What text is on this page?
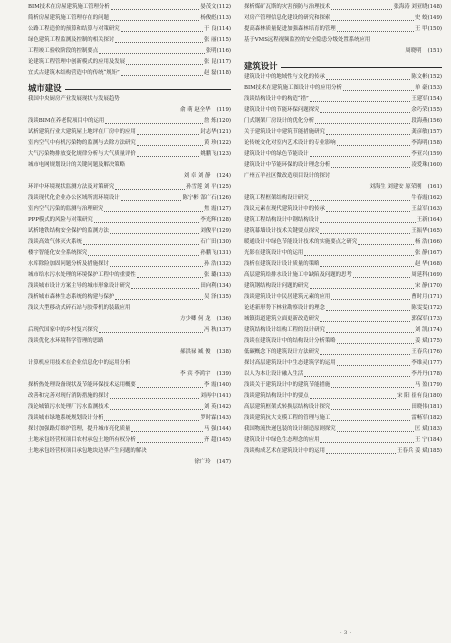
BIM技术在房屋建筑施工管理分析	晏茂文 (112)
简析房屋建筑施工管理存在的问题	杨俊彪 (113)
公路工程造价的预算和结算与对策研究	于 良 (114)
绿色建筑工程监测及控制的相关探讨	张 丽 (115)
工程竣工验收阶段的控制要点	张明 (116)
论建筑工程管理中创新模式的应用及发展	张 昆 (117)
宜式古建筑木结构营造中的传统“规矩”	赵 磊 (118)
城市建设
我国中央厨房产业发展现状与发展趋势
俞 萌 赵全华 (119)
浅谈BIM在养老院项目中的运用	詹 炼 (120)
试析建筑行业大建筑屋上地坪在厂房中的应用	封志华 (121)
室内空气中有机污染物的监测与去除方法研究	黄 珍 (122)
大气污染物排放变化规律分析与大气质量评价	姚鹏飞 (123)
城市电网规划设计的关键问题及解决策略
刘 卓 刘 静 (124)
环评中环境现状监测方法及对策研究	孙雪莲 刘 平 (125)
浅谈现代化企业办公区域所需环境设计	陈宁彬 郜广石 (126)
室内空气污染的监测与治理研究	焦 霞 (127)
PPP模式的风险与对策研究	李光辉 (128)
试析地铁结构安全保护的监测方法	刘俊平 (129)
浅谈高效气体灭火系统	石广田 (130)
楼宇智能化安全系统探究	孙鹏飞 (131)
水库除险加固问题分析及措施探讨	孙 浩 (132)
城市给水污水处理的环境保护工程中的重要性	张 璐 (133)
浅谈城市设计方案主导的城市形象设计研究	田向利 (134)
浅析城市森林生态系统的构建与保护	吴 泽 (135)
浅议大型移动式碎石站与胶带机的装载应用
方少卿 何 龙 (136)
后现代国家中的乡村复兴探究	冯 秋 (137)
浅谈优化水环境科学管理的思路
郝洪禄 臧 俊 (138)
计算机应用技术在企业信息化中的运用分析
李 宾 李鸿宇 (139)
探析热处理设备现状及节能环保技术运用概要	李 霞 (140)
改善和完善对现行消防措施的探讨	刘再中 (141)
浅论城镇污水处理厂污水监测技术	刘 英 (142)
浅谈城市绿地系统规划设计分析	罗时霖 (143)
探讨加强路灯维护管理，提升城市亮化质量	马 强 (144)
土地承包经营权项目农村承包土地所有权分析	齐 超 (145)
土地承包经营权项目承包地块边界产生问题的解决
徐广玲 (147)
探析煤矿瓦斯的灾害预防与治理技术	张海涛 刘亚晓 (148)
对房产管理信息化建设的研究和探索	史 蛟 (149)
提高森林质量促进加强森林培育的管理	王 甲 (150)
基于VMS远程视频监控的安全隐患分级处置系统应用
周晓明 (151)
建筑设计
建筑设计中的地域性与文化的传承	陈文彬 (152)
BIM技术在建筑施工图设计中的应用分析	单 豪 (153)
浅谈结构设计中的构造“措”	王建军 (154)
建筑设计中的节能环保问题探究	余巧荣 (155)
门式钢架厂房设计的优化分析	段海燕 (156)
关于建筑设计中建筑节能措施研究	龚彦敏 (157)
论传统文化对室内艺术设计的专业影响	李海明 (158)
建筑设计中的绿色节能设计	李亚兴 (159)
建筑设计中节能环保的设计理念分析	凌爱珠 (160)
广州五羊社区微改造项目设计的探讨
刘海生 刘建安 原荣刚 (161)
建筑工程框架结构设计研究	牛春霞 (162)
浅议元素在现代建筑设计中的传承	王益军 (163)
建筑工程结构设计中钢结构设计	王新 (164)
建筑幕墙设计技术关键要点探究	王振华 (165)
暖通设计中绿色节能设计技术的实施要点之研究	杨 浩 (166)
光影在建筑设计中的运用	张 静 (167)
浅析在建筑设计设计质量的策略	赵 华 (168)
高层建筑给排水设计施工中缺陷及问题的思考	周延科 (169)
建筑钢结构设计问题的研究	宋 静 (170)
浅谈建筑设计中民居建筑元素的应用	曹时月 (171)
论述新形势下林业勘察设计的理念	陈雯雯 (172)
城镇街道建筑立面更新改造研究	郭保军 (173)
建筑结构设计结构工程的设计研究	刘 凯 (174)
浅谈在建筑设计中的结构设计分析策略	姜 斌 (175)
低碳概念下的建筑设计方法研究	王春兵 (176)
探讨高层建筑设计中生态建筑学的运用	李维灵 (177)
以人为本让设计融入生活	李丹丹 (178)
浅谈关于建筑设计中的建筑节能措施	马 盈 (179)
浅谈建筑结构设计中的要点	宋 阳 崔有良 (180)
高层建筑框架式转换层结构设计探究	田晓伟 (181)
浅谈建筑抗大支模工程的管理与施工	雷畅军 (182)
我国物流快递包装的设计制造原则探究	匡 斌 (183)
建筑设计中绿色生态理念的应用	王 宁 (184)
浅谈构成艺术在建筑设计中的运用	王春兵 姜 斌 (185)
· 3 ·
